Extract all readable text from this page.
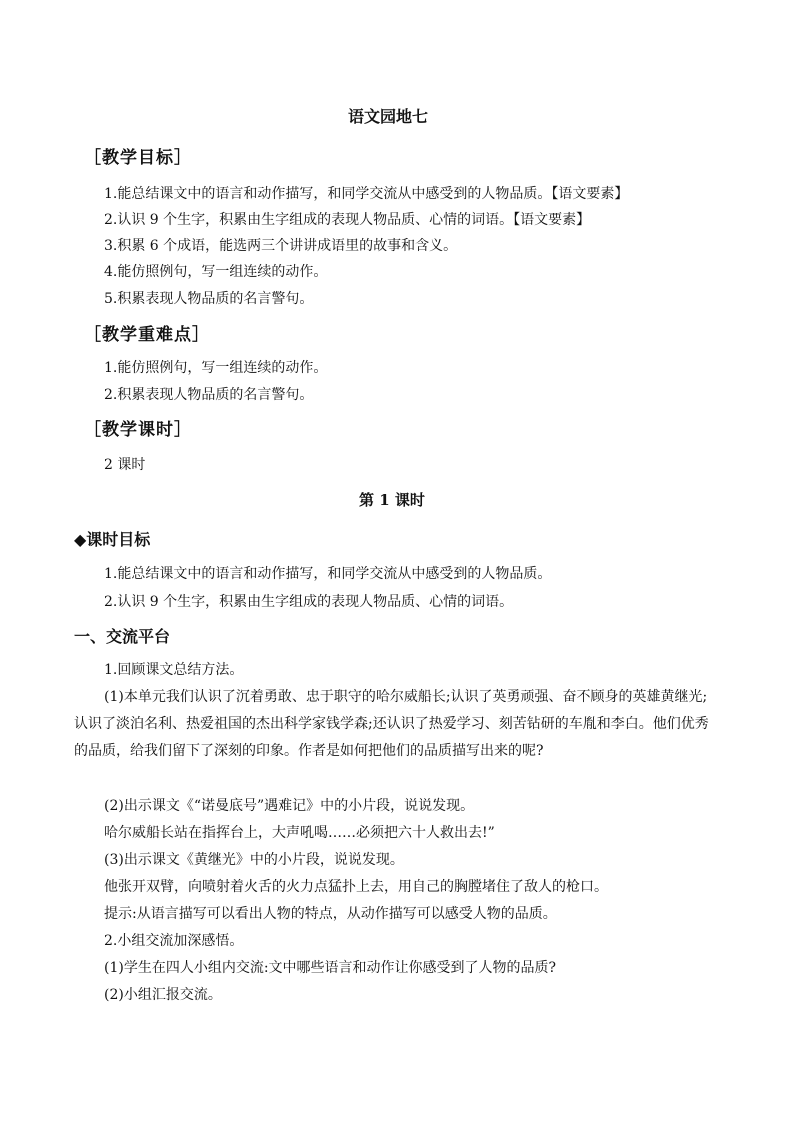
语文园地七
［教学目标］
1.能总结课文中的语言和动作描写，和同学交流从中感受到的人物品质。【语文要素】
2.认识 9 个生字，积累由生字组成的表现人物品质、心情的词语。【语文要素】
3.积累 6 个成语，能选两三个讲讲成语里的故事和含义。
4.能仿照例句，写一组连续的动作。
5.积累表现人物品质的名言警句。
［教学重难点］
1.能仿照例句，写一组连续的动作。
2.积累表现人物品质的名言警句。
［教学课时］
2 课时
第 1 课时
◆课时目标
1.能总结课文中的语言和动作描写，和同学交流从中感受到的人物品质。
2.认识 9 个生字，积累由生字组成的表现人物品质、心情的词语。
一、交流平台
1.回顾课文总结方法。
(1)本单元我们认识了沉着勇敢、忠于职守的哈尔威船长;认识了英勇顽强、奋不顾身的英雄黄继光;认识了淡泊名利、热爱祖国的杰出科学家钱学森;还认识了热爱学习、刻苦钻研的车胤和李白。他们优秀的品质，给我们留下了深刻的印象。作者是如何把他们的品质描写出来的呢?
(2)出示课文《“诺曼底号”遇难记》中的小片段，说说发现。
哈尔威船长站在指挥台上，大声吼喝……必须把六十人救出去!”
(3)出示课文《黄继光》中的小片段，说说发现。
他张开双臂，向喷射着火舌的火力点猛扑上去，用自己的胸膛堵住了敌人的枪口。
提示:从语言描写可以看出人物的特点，从动作描写可以感受人物的品质。
2.小组交流加深感悟。
(1)学生在四人小组内交流:文中哪些语言和动作让你感受到了人物的品质?
(2)小组汇报交流。
